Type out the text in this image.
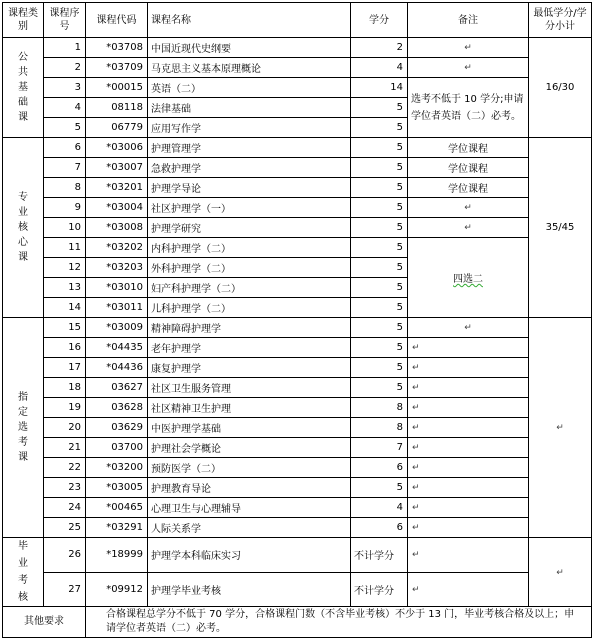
课程类别	课程序号	课程代码	课程名称	学分	备注	最低学分/学分小计

公
共
基
础
课	1	*03708	中国近现代史纲要	2	↵	16/30
	2	*03709	马克思主义基本原理概论	4	↵	
	3	*00015	英语（二）	14	选考不低于 10 学分;申请学位者英语（二）必考。	
	4	08118	法律基础	5		
	5	06779	应用写作学	5		

专
业
核
心
课	6	*03006	护理管理学	5	学位课程	35/45
	7	*03007	急救护理学	5	学位课程	
	8	*03201	护理学导论	5	学位课程	
	9	*03004	社区护理学（一）	5	↵	
	10	*03008	护理学研究	5	↵	
	11	*03202	内科护理学（二）	5	四选二	
	12	*03203	外科护理学（二）	5		
	13	*03010	妇产科护理学（二）	5		
	14	*03011	儿科护理学（二）	5		

指
定
选
考
课	15	*03009	精神障碍护理学	5	↵	↵
	16	*04435	老年护理学	5	↵	
	17	*04436	康复护理学	5	↵	
	18	03627	社区卫生服务管理	5	↵	
	19	03628	社区精神卫生护理	8	↵	
	20	03629	中医护理学基础	8	↵	
	21	03700	护理社会学概论	7	↵	
	22	*03200	预防医学（二）	6	↵	
	23	*03005	护理教育导论	5	↵	
	24	*00465	心理卫生与心理辅导	4	↵	
	25	*03291	人际关系学	6	↵	

毕
业
考
核	26	*18999	护理学本科临床实习	不计学分	↵	↵
	27	*09912	护理学毕业考核	不计学分	↵	
其他要求		合格课程总学分不低于 70 学分，合格课程门数（不含毕业考核）不少于 13 门，毕业考核合格及以上；申请学位者英语（二）必考。				
